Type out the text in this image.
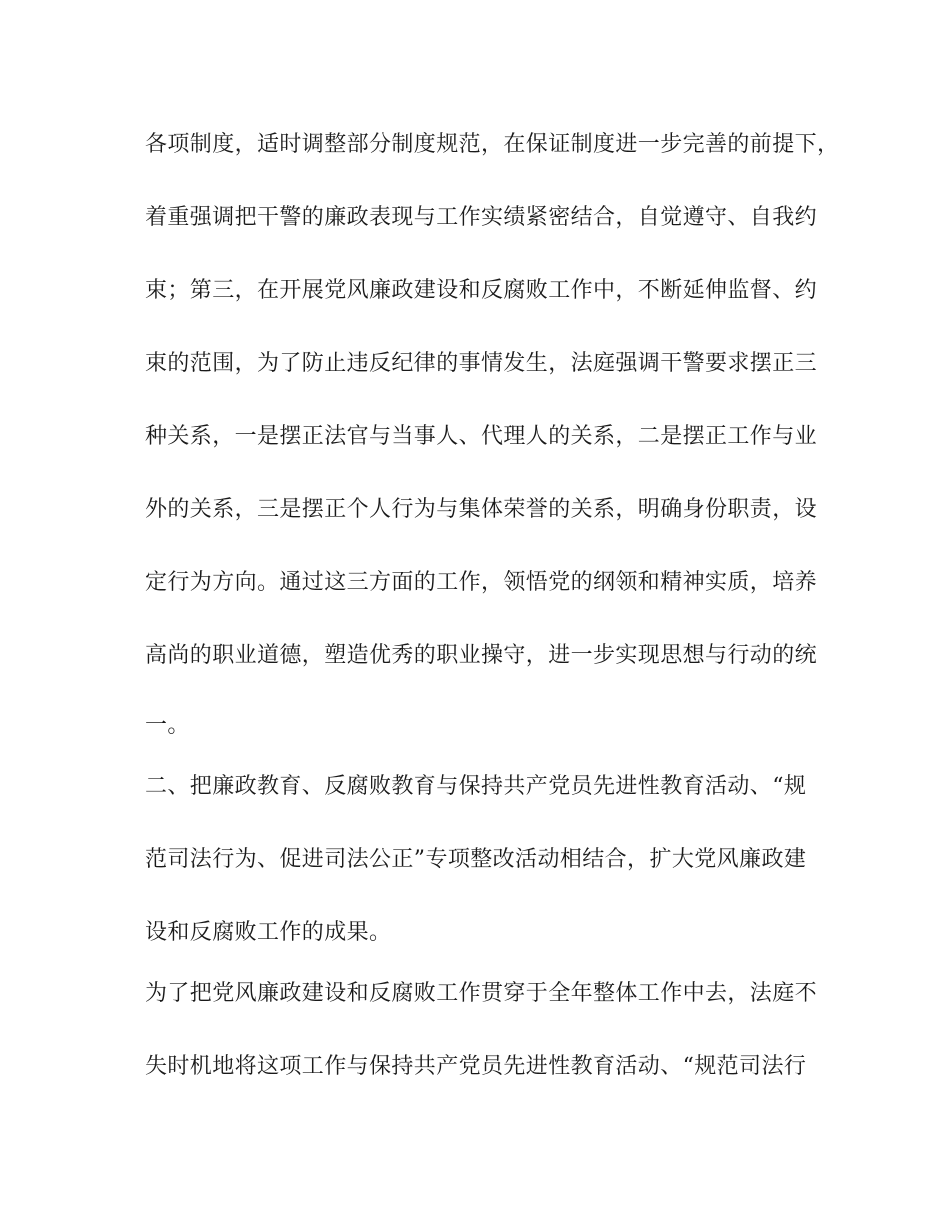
各项制度，适时调整部分制度规范，在保证制度进一步完善的前提下，
着重强调把干警的廉政表现与工作实绩紧密结合，自觉遵守、自我约
束；第三，在开展党风廉政建设和反腐败工作中，不断延伸监督、约
束的范围，为了防止违反纪律的事情发生，法庭强调干警要求摆正三
种关系，一是摆正法官与当事人、代理人的关系，二是摆正工作与业
外的关系，三是摆正个人行为与集体荣誉的关系，明确身份职责，设
定行为方向。通过这三方面的工作，领悟党的纲领和精神实质，培养
高尚的职业道德，塑造优秀的职业操守，进一步实现思想与行动的统
一。
二、把廉政教育、反腐败教育与保持共产党员先进性教育活动、“规
范司法行为、促进司法公正”专项整改活动相结合，扩大党风廉政建
设和反腐败工作的成果。
为了把党风廉政建设和反腐败工作贯穿于全年整体工作中去，法庭不
失时机地将这项工作与保持共产党员先进性教育活动、“规范司法行
